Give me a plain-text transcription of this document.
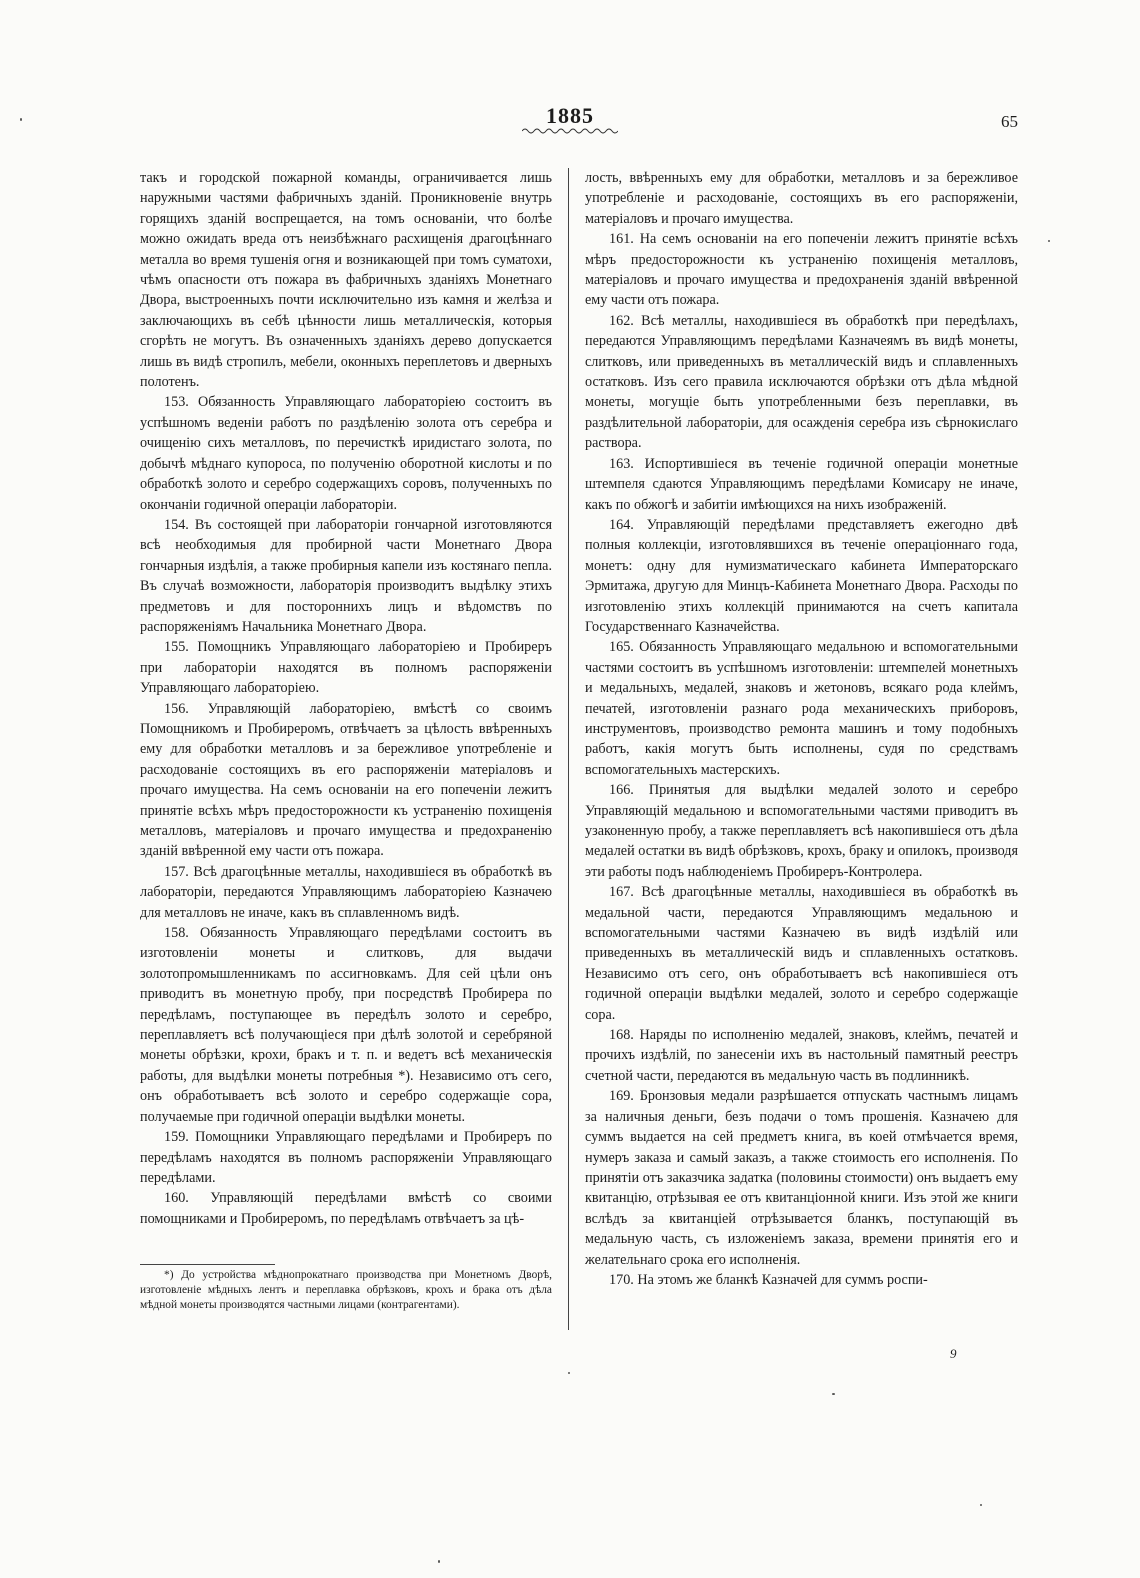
1885	65

такъ и городской пожарной команды, ограничивается лишь наружными частями фабричныхъ зданій. Проникновеніе внутрь горящихъ зданій воспрещается, на томъ основаніи, что болѣе можно ожидать вреда отъ неизбѣжнаго расхищенія драгоцѣннаго металла во время тушенія огня и возникающей при томъ суматохи, чѣмъ опасности отъ пожара въ фабричныхъ зданіяхъ Монетнаго Двора, выстроенныхъ почти исключительно изъ камня и желѣза и заключающихъ въ себѣ цѣнности лишь металлическія, которыя сгорѣть не могутъ. Въ означенныхъ зданіяхъ дерево допускается лишь въ видѣ стропилъ, мебели, оконныхъ переплетовъ и дверныхъ полотенъ.

153. Обязанность Управляющаго лабораторіею состоитъ въ успѣшномъ веденіи работъ по раздѣленію золота отъ серебра и очищенію сихъ металловъ, по перечисткѣ иридистаго золота, по добычѣ мѣднаго купороса, по полученію оборотной кислоты и по обработкѣ золото и серебро содержащихъ соровъ, полученныхъ по окончаніи годичной операціи лабораторіи.

154. Въ состоящей при лабораторіи гончарной изготовляются всѣ необходимыя для пробирной части Монетнаго Двора гончарныя издѣлія, а также пробирныя капели изъ костянаго пепла. Въ случаѣ возможности, лабораторія производитъ выдѣлку этихъ предметовъ и для постороннихъ лицъ и вѣдомствъ по распоряженіямъ Начальника Монетнаго Двора.

155. Помощникъ Управляющаго лабораторіею и Пробиреръ при лабораторіи находятся въ полномъ распоряженіи Управляющаго лабораторіею.

156. Управляющій лабораторіею, вмѣстѣ со своимъ Помощникомъ и Пробиреромъ, отвѣчаетъ за цѣлость ввѣренныхъ ему для обработки металловъ и за бережливое употребленіе и расходованіе состоящихъ въ его распоряженіи матеріаловъ и прочаго имущества. На семъ основаніи на его попеченіи лежитъ принятіе всѣхъ мѣръ предосторожности къ устраненію похищенія металловъ, матеріаловъ и прочаго имущества и предохраненію зданій ввѣренной ему части отъ пожара.

157. Всѣ драгоцѣнные металлы, находившіеся въ обработкѣ въ лабораторіи, передаются Управляющимъ лабораторіею Казначею для металловъ не иначе, какъ въ сплавленномъ видѣ.

158. Обязанность Управляющаго передѣлами состоитъ въ изготовленіи монеты и слитковъ, для выдачи золотопромышленникамъ по ассигновкамъ. Для сей цѣли онъ приводитъ въ монетную пробу, при посредствѣ Пробирера по передѣламъ, поступающее въ передѣлъ золото и серебро, переплавляетъ всѣ получающіеся при дѣлѣ золотой и серебряной монеты обрѣзки, крохи, бракъ и т. п. и ведетъ всѣ механическія работы, для выдѣлки монеты потребныя *). Независимо отъ сего, онъ обработываетъ всѣ золото и серебро содержащіе сора, получаемые при годичной операціи выдѣлки монеты.

159. Помощники Управляющаго передѣлами и Пробиреръ по передѣламъ находятся въ полномъ распоряженіи Управляющаго передѣлами.

160. Управляющій передѣлами вмѣстѣ со своими помощниками и Пробиреромъ, по передѣламъ отвѣчаетъ за цѣ-

*) До устройства мѣднопрокатнаго производства при Монетномъ Дворѣ, изготовленіе мѣдныхъ лентъ и переплавка обрѣзковъ, крохъ и брака отъ дѣла мѣдной монеты производятся частными лицами (контрагентами).

лость, ввѣренныхъ ему для обработки, металловъ и за бережливое употребленіе и расходованіе, состоящихъ въ его распоряженіи, матеріаловъ и прочаго имущества.

161. На семъ основаніи на его попеченіи лежитъ принятіе всѣхъ мѣръ предосторожности къ устраненію похищенія металловъ, матеріаловъ и прочаго имущества и предохраненія зданій ввѣренной ему части отъ пожара.

162. Всѣ металлы, находившіеся въ обработкѣ при передѣлахъ, передаются Управляющимъ передѣлами Казначеямъ въ видѣ монеты, слитковъ, или приведенныхъ въ металлическій видъ и сплавленныхъ остатковъ. Изъ сего правила исключаются обрѣзки отъ дѣла мѣдной монеты, могущіе быть употребленными безъ переплавки, въ раздѣлительной лабораторіи, для осажденія серебра изъ сѣрнокислаго раствора.

163. Испортившіеся въ теченіе годичной операціи монетные штемпеля сдаются Управляющимъ передѣлами Комисару не иначе, какъ по обжогѣ и забитіи имѣющихся на нихъ изображеній.

164. Управляющій передѣлами представляетъ ежегодно двѣ полныя коллекціи, изготовлявшихся въ теченіе операціоннаго года, монетъ: одну для нумизматическаго кабинета Императорскаго Эрмитажа, другую для Минцъ-Кабинета Монетнаго Двора. Расходы по изготовленію этихъ коллекцій принимаются на счетъ капитала Государственнаго Казначейства.

165. Обязанность Управляющаго медальною и вспомогательными частями состоитъ въ успѣшномъ изготовленіи: штемпелей монетныхъ и медальныхъ, медалей, знаковъ и жетоновъ, всякаго рода клеймъ, печатей, изготовленіи разнаго рода механическихъ приборовъ, инструментовъ, производство ремонта машинъ и тому подобныхъ работъ, какія могутъ быть исполнены, судя по средствамъ вспомогательныхъ мастерскихъ.

166. Принятыя для выдѣлки медалей золото и серебро Управляющій медальною и вспомогательными частями приводитъ въ узаконенную пробу, а также переплавляетъ всѣ накопившіеся отъ дѣла медалей остатки въ видѣ обрѣзковъ, крохъ, браку и опилокъ, производя эти работы подъ наблюденіемъ Пробиреръ-Контролера.

167. Всѣ драгоцѣнные металлы, находившіеся въ обработкѣ въ медальной части, передаются Управляющимъ медальною и вспомогательными частями Казначею въ видѣ издѣлій или приведенныхъ въ металлическій видъ и сплавленныхъ остатковъ. Независимо отъ сего, онъ обработываетъ всѣ накопившіеся отъ годичной операціи выдѣлки медалей, золото и серебро содержащіе сора.

168. Наряды по исполненію медалей, знаковъ, клеймъ, печатей и прочихъ издѣлій, по занесеніи ихъ въ настольный памятный реестръ счетной части, передаются въ медальную часть въ подлинникѣ.

169. Бронзовыя медали разрѣшается отпускать частнымъ лицамъ за наличныя деньги, безъ подачи о томъ прошенія. Казначею для суммъ выдается на сей предметъ книга, въ коей отмѣчается время, нумеръ заказа и самый заказъ, а также стоимость его исполненія. По принятіи отъ заказчика задатка (половины стоимости) онъ выдаетъ ему квитанцію, отрѣзывая ее отъ квитанціонной книги. Изъ этой же книги вслѣдъ за квитанціей отрѣзывается бланкъ, поступающій въ медальную часть, съ изложеніемъ заказа, времени принятія его и желательнаго срока его исполненія.

170. На этомъ же бланкѣ Казначей для суммъ роспи-

9
